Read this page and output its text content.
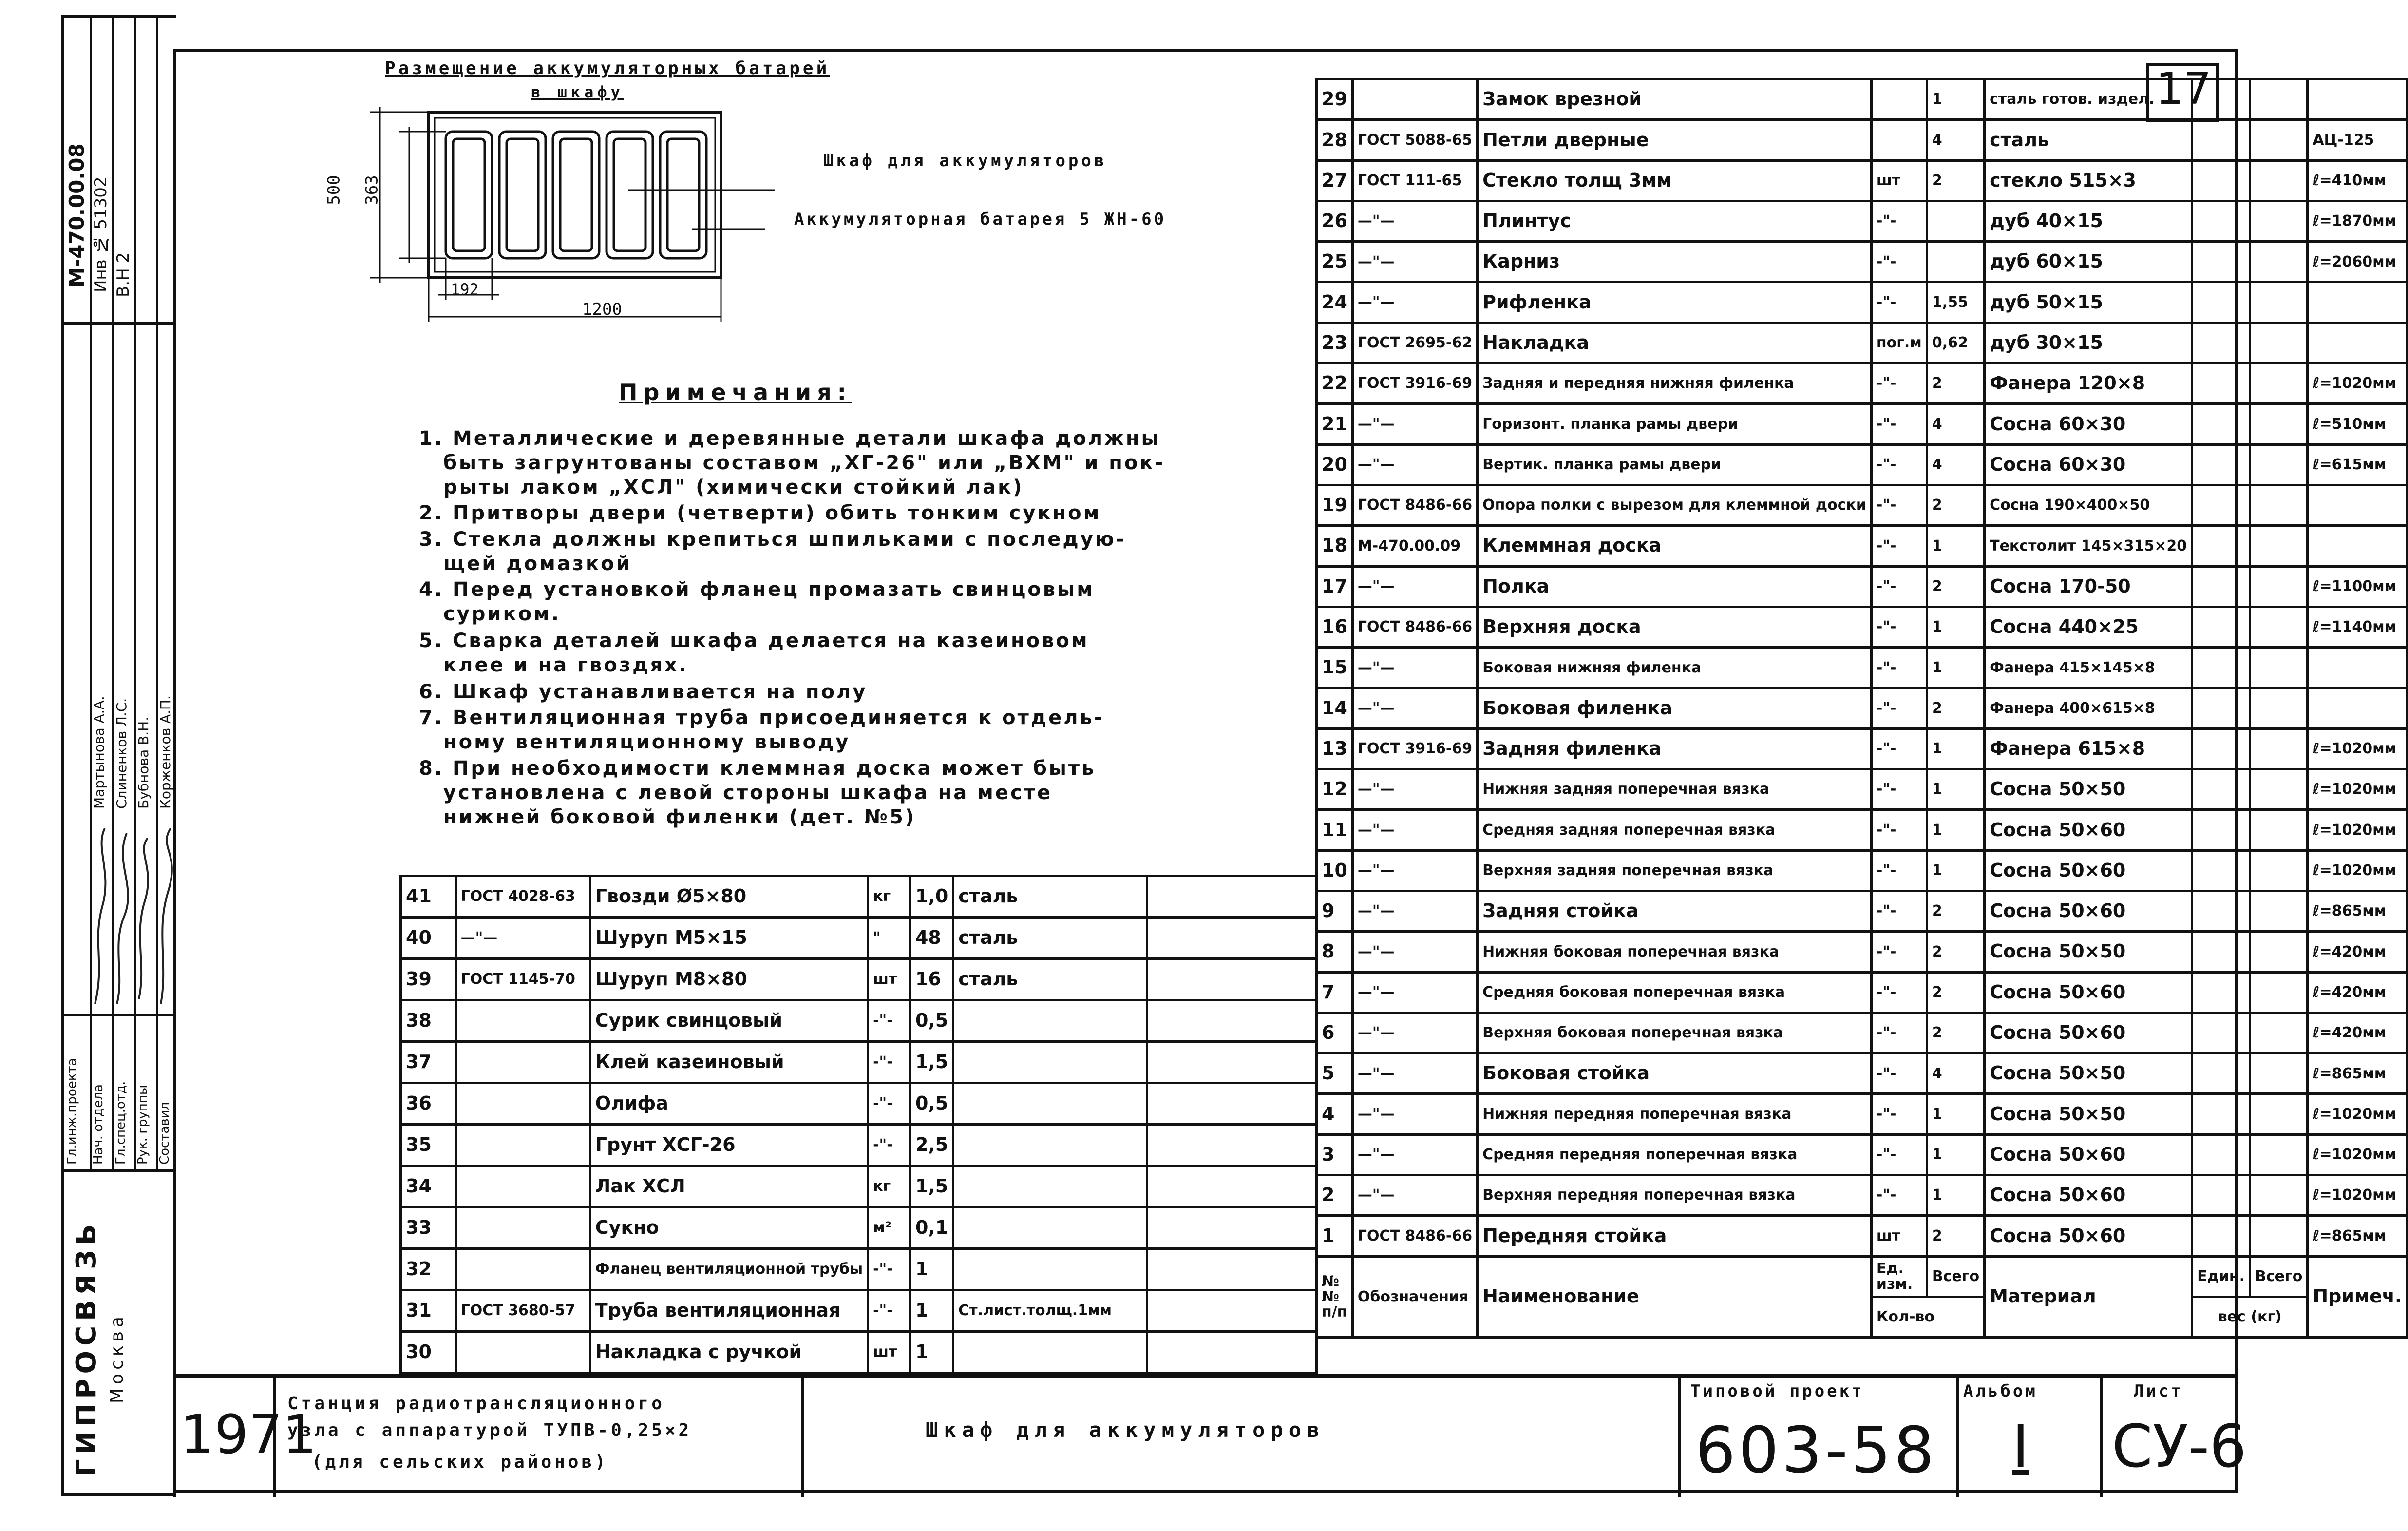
ГИПРОСВЯЗЬ Москва
М-470.00.08 Инв № 51302 В.Н 2
Гл.инж.проекта Нач. отдела Гл.спец.отд. Рук. группы Составил
Мартынова А.А. Слиненков Л.С. Бубнова В.Н. Корженков А.П.
17
Размещение аккумуляторных батарей
в шкафу
500 363
192
1200
Шкаф для аккумуляторов
Аккумуляторная батарея 5 ЖН-60
Примечания:
1. Металлические и деревянные детали шкафа должны
быть загрунтованы составом „ХГ-26" или „ВХМ" и пок-
рыты лаком „ХСЛ" (химически стойкий лак)
2. Притворы двери (четверти) обить тонким сукном
3. Стекла должны крепиться шпильками с последую-
щей домазкой
4. Перед установкой фланец промазать свинцовым
суриком.
5. Сварка деталей шкафа делается на казеиновом
клее и на гвоздях.
6. Шкаф устанавливается на полу
7. Вентиляционная труба присоединяется к отдель-
ному вентиляционному выводу
8. При необходимости клеммная доска может быть
установлена с левой стороны шкафа на месте
нижней боковой филенки (дет. №5)
41	ГОСТ 4028-63	Гвозди Ø5×80	кг	1,0	сталь	
40	—"—	Шуруп М5×15	"	48	сталь	
39	ГОСТ 1145-70	Шуруп М8×80	шт	16	сталь	
38		Сурик свинцовый	-"-	0,5		
37		Клей казеиновый	-"-	1,5		
36		Олифа	-"-	0,5		
35		Грунт ХСГ-26	-"-	2,5		
34		Лак ХСЛ	кг	1,5		
33		Сукно	м²	0,1		
32		Фланец вентиляционной трубы	-"-	1		
31	ГОСТ 3680-57	Труба вентиляционная	-"-	1	Ст.лист.толщ.1мм	
30		Накладка с ручкой	шт	1		
29		Замок врезной		1	сталь готов. издел.			
28	ГОСТ 5088-65	Петли дверные		4	сталь			АЦ-125
27	ГОСТ 111-65	Стекло толщ 3мм	шт	2	стекло 515×3			ℓ=410мм
26	—"—	Плинтус	-"-		дуб 40×15			ℓ=1870мм
25	—"—	Карниз	-"-		дуб 60×15			ℓ=2060мм
24	—"—	Рифленка	-"-	1,55	дуб 50×15			
23	ГОСТ 2695-62	Накладка	пог.м	0,62	дуб 30×15			
22	ГОСТ 3916-69	Задняя и передняя нижняя филенка	-"-	2	Фанера 120×8			ℓ=1020мм
21	—"—	Горизонт. планка рамы двери	-"-	4	Сосна 60×30			ℓ=510мм
20	—"—	Вертик. планка рамы двери	-"-	4	Сосна 60×30			ℓ=615мм
19	ГОСТ 8486-66	Опора полки с вырезом для клеммной доски	-"-	2	Сосна 190×400×50			
18	М-470.00.09	Клеммная доска	-"-	1	Текстолит 145×315×20			
17	—"—	Полка	-"-	2	Сосна 170-50			ℓ=1100мм
16	ГОСТ 8486-66	Верхняя доска	-"-	1	Сосна 440×25			ℓ=1140мм
15	—"—	Боковая нижняя филенка	-"-	1	Фанера 415×145×8			
14	—"—	Боковая филенка	-"-	2	Фанера 400×615×8			
13	ГОСТ 3916-69	Задняя филенка	-"-	1	Фанера 615×8			ℓ=1020мм
12	—"—	Нижняя задняя поперечная вязка	-"-	1	Сосна 50×50			ℓ=1020мм
11	—"—	Средняя задняя поперечная вязка	-"-	1	Сосна 50×60			ℓ=1020мм
10	—"—	Верхняя задняя поперечная вязка	-"-	1	Сосна 50×60			ℓ=1020мм
9	—"—	Задняя стойка	-"-	2	Сосна 50×60			ℓ=865мм
8	—"—	Нижняя боковая поперечная вязка	-"-	2	Сосна 50×50			ℓ=420мм
7	—"—	Средняя боковая поперечная вязка	-"-	2	Сосна 50×60			ℓ=420мм
6	—"—	Верхняя боковая поперечная вязка	-"-	2	Сосна 50×60			ℓ=420мм
5	—"—	Боковая стойка	-"-	4	Сосна 50×50			ℓ=865мм
4	—"—	Нижняя передняя поперечная вязка	-"-	1	Сосна 50×50			ℓ=1020мм
3	—"—	Средняя передняя поперечная вязка	-"-	1	Сосна 50×60			ℓ=1020мм
2	—"—	Верхняя передняя поперечная вязка	-"-	1	Сосна 50×60			ℓ=1020мм
1	ГОСТ 8486-66	Передняя стойка	шт	2	Сосна 50×60			ℓ=865мм
№№ п/п	Обозначения	Наименование	Ед. изм.	Всего	Материал	Един.	Всего	Примеч.
			Кол-во			вес (кг)		
1971
Станция радиотрансляционного
узла с аппаратурой ТУПВ-0,25×2
(для сельских районов)
Шкаф для аккумуляторов
Типовой проект
603-58
Альбом
I
Лист
СУ-6
